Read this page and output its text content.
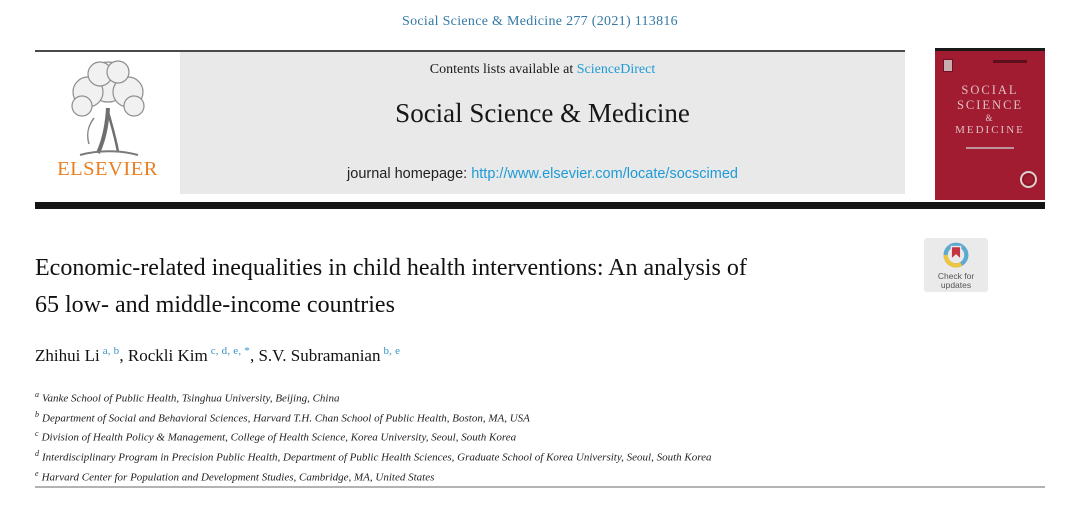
Social Science & Medicine 277 (2021) 113816
ELSEVIER
Contents lists available at ScienceDirect
Social Science & Medicine
journal homepage: http://www.elsevier.com/locate/socscimed
SOCIAL
SCIENCE
&
MEDICINE
Check for
updates
Economic-related inequalities in child health interventions: An analysis of
65 low- and middle-income countries
Zhihui Li $^{a, b}$, Rockli Kim $^{c, d, e, *}$, S.V. Subramanian $^{b, e}$
$^a$ Vanke School of Public Health, Tsinghua University, Beijing, China
$^b$ Department of Social and Behavioral Sciences, Harvard T.H. Chan School of Public Health, Boston, MA, USA
$^c$ Division of Health Policy & Management, College of Health Science, Korea University, Seoul, South Korea
$^d$ Interdisciplinary Program in Precision Public Health, Department of Public Health Sciences, Graduate School of Korea University, Seoul, South Korea
$^e$ Harvard Center for Population and Development Studies, Cambridge, MA, United States
